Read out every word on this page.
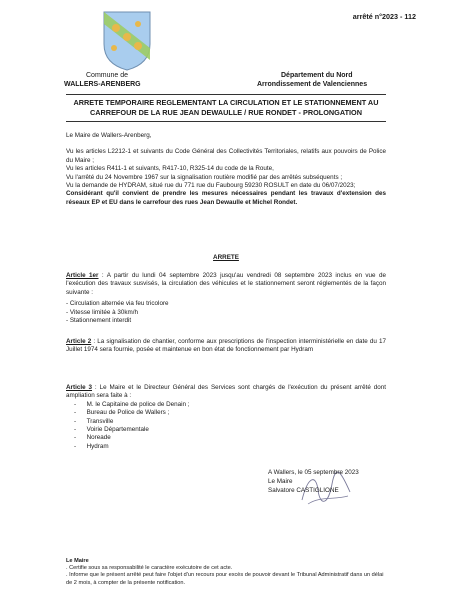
arrêté n°2023 - 112
Commune de
WALLERS-ARENBERG
Département du Nord
Arrondissement de Valenciennes
ARRETE TEMPORAIRE REGLEMENTANT LA CIRCULATION ET LE STATIONNEMENT AU
CARREFOUR DE LA RUE JEAN DEWAULLE / RUE RONDET - PROLONGATION

Le Maire de Wallers-Arenberg,

Vu les articles L2212-1 et suivants du Code Général des Collectivités Territoriales, relatifs aux pouvoirs de Police du Maire ;

Vu les articles R411-1 et suivants, R417-10, R325-14 du code de la Route,

Vu l'arrêté du 24 Novembre 1967 sur la signalisation routière modifié par des arrêtés subséquents ;

Vu la demande de HYDRAM, situé rue du 771 rue du Faubourg 59230 ROSULT en date du 06/07/2023;

Considérant qu'il convient de prendre les mesures nécessaires pendant les travaux d'extension des réseaux EP et EU dans le carrefour des rues Jean Dewaulle et Michel Rondet.

ARRETE

Article 1er : A partir du lundi 04 septembre 2023 jusqu'au vendredi 08 septembre 2023 inclus en vue de l'exécution des travaux susvisés, la circulation des véhicules et le stationnement seront réglementés de la façon suivante :

- Circulation alternée via feu tricolore

- Vitesse limitée à 30km/h

- Stationnement interdit

Article 2 : La signalisation de chantier, conforme aux prescriptions de l'inspection interministérielle en date du 17 Juillet 1974 sera fournie, posée et maintenue en bon état de fonctionnement par Hydram

Article 3 : Le Maire et le Directeur Général des Services sont chargés de l'exécution du présent arrêté dont ampliation sera faite à :

-      M. le Capitaine de police de Denain ;

-      Bureau de Police de Wallers ;

-      Transville

-      Voirie Départementale

-      Noreade

-      Hydram

A Wallers, le 05 septembre 2023
Le Maire
Salvatore CASTIGLIONE
Le Maire
. Certifie sous sa responsabilité le caractère exécutoire de cet acte.
. Informe que le présent arrêté peut faire l'objet d'un recours pour excès de pouvoir devant le Tribunal Administratif dans un délai de 2 mois, à compter de la présente notification.
